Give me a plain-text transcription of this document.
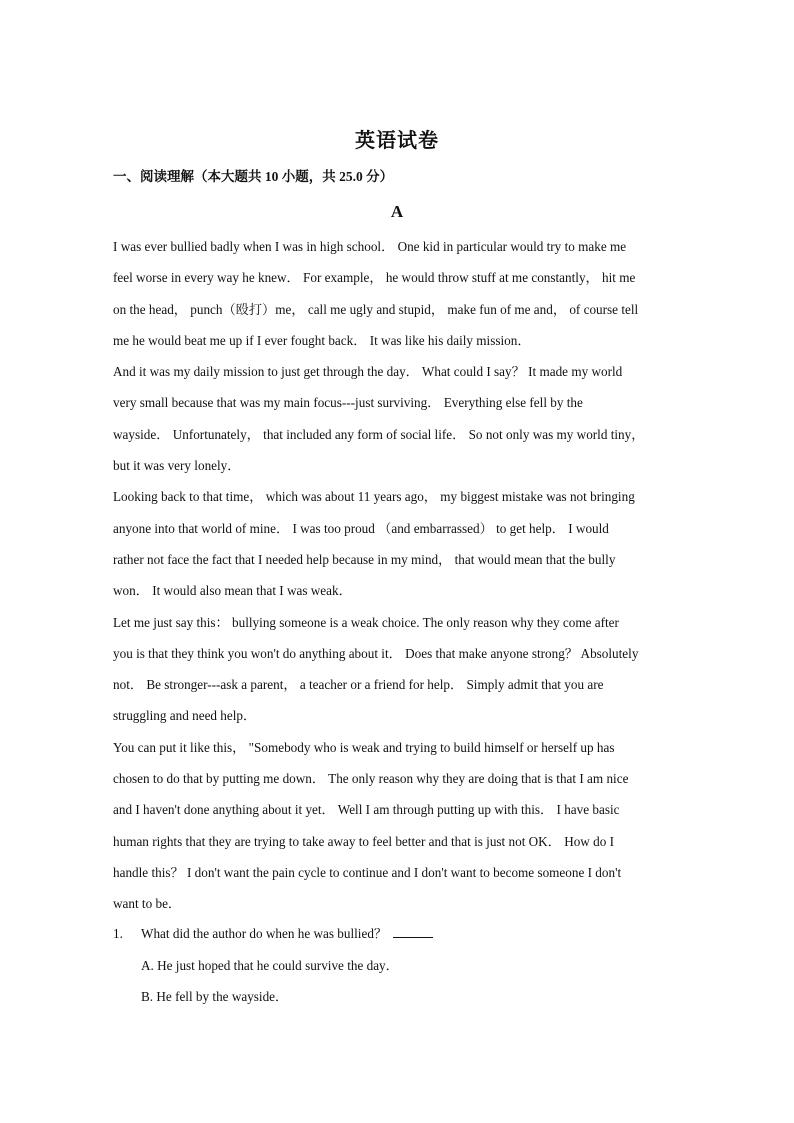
英语试卷
一、阅读理解（本大题共 10 小题，共 25.0 分）
A
I was ever bullied badly when I was in high school． One kid in particular would try to make me
feel worse in every way he knew． For example， he would throw stuff at me constantly， hit me
on the head， punch（殴打）me， call me ugly and stupid， make fun of me and， of course tell
me he would beat me up if I ever fought back． It was like his daily mission．
And it was my daily mission to just get through the day． What could I say？ It made my world
very small because that was my main focus---just surviving． Everything else fell by the
wayside． Unfortunately， that included any form of social life． So not only was my world tiny，
but it was very lonely．
Looking back to that time， which was about 11 years ago， my biggest mistake was not bringing
anyone into that world of mine． I was too proud （and embarrassed） to get help． I would
rather not face the fact that I needed help because in my mind， that would mean that the bully
won． It would also mean that I was weak．
Let me just say this： bullying someone is a weak choice. The only reason why they come after
you is that they think you won't do anything about it． Does that make anyone strong？ Absolutely
not． Be stronger---ask a parent， a teacher or a friend for help． Simply admit that you are
struggling and need help．
You can put it like this， "Somebody who is weak and trying to build himself or herself up has
chosen to do that by putting me down． The only reason why they are doing that is that I am nice
and I haven't done anything about it yet． Well I am through putting up with this． I have basic
human rights that they are trying to take away to feel better and that is just not OK． How do I
handle this？ I don't want the pain cycle to continue and I don't want to become someone I don't
want to be．
1. What did the author do when he was bullied？
A. He just hoped that he could survive the day．
B. He fell by the wayside．
